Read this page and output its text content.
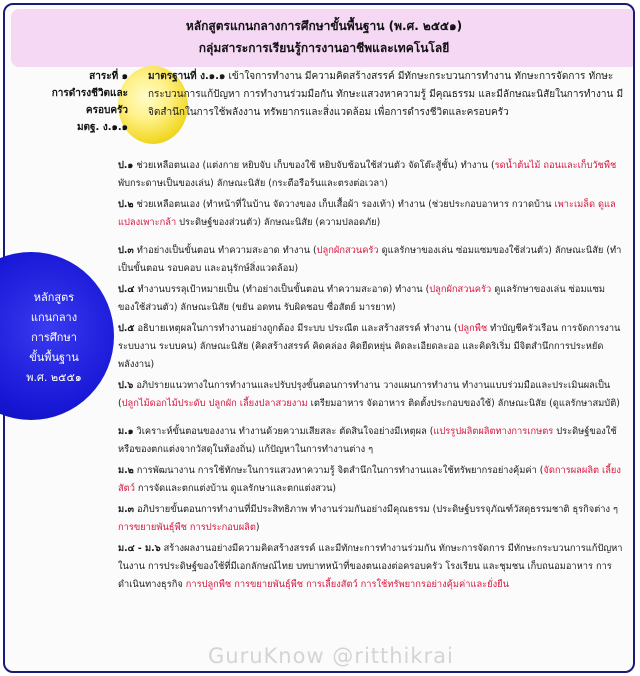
หลักสูตรแกนกลางการศึกษาขั้นพื้นฐาน (พ.ศ. ๒๕๕๑)
กลุ่มสาระการเรียนรู้การงานอาชีพและเทคโนโลยี
สาระที่ ๑
การดำรงชีวิตและ
ครอบครัว
มตฐ. ง.๑.๑
มาตรฐานที่ ง.๑.๑ เข้าใจการทำงาน มีความคิดสร้างสรรค์ มีทักษะกระบวนการทำงาน ทักษะการจัดการ ทักษะกระบวนการแก้ปัญหา การทำงานร่วมมือกัน ทักษะแสวงหาความรู้ มีคุณธรรม และมีลักษณะนิสัยในการทำงาน มีจิตสำนึกในการใช้พลังงาน ทรัพยากรและสิ่งแวดล้อม เพื่อการดำรงชีวิตและครอบครัว
หลักสูตร
แกนกลาง
การศึกษา
ขั้นพื้นฐาน
พ.ศ. ๒๕๕๑
ป.๑ ช่วยเหลือตนเอง (แต่งกาย หยิบจับ เก็บของใช้ หยิบจับช้อนใช้ส่วนตัว จัดโต๊ะสู้ชั้น) ทำงาน (รดน้ำต้นไม้ ถอนและเก็บวัชพืช พับกระดาษเป็นของเล่น) ลักษณะนิสัย (กระตือรือร้นและตรงต่อเวลา)
ป.๒ ช่วยเหลือตนเอง (ทำหน้าที่ในบ้าน จัดวางของ เก็บเสื้อผ้า รองเท้า) ทำงาน (ช่วยประกอบอาหาร กวาดบ้าน เพาะเมล็ด ดูแลแปลงเพาะกล้า ประดิษฐ์ของส่วนตัว) ลักษณะนิสัย (ความปลอดภัย)
ป.๓ ทำอย่างเป็นขั้นตอน ทำความสะอาด ทำงาน (ปลูกผักสวนครัว ดูแลรักษาของเล่น ซ่อมแซมของใช้ส่วนตัว) ลักษณะนิสัย (ทำเป็นขั้นตอน รอบคอบ และอนุรักษ์สิ่งแวดล้อม)
ป.๔ ทำงานบรรลุเป้าหมายเป็น (ทำอย่างเป็นขั้นตอน ทำความสะอาด) ทำงาน (ปลูกผักสวนครัว ดูแลรักษาของเล่น ซ่อมแซมของใช้ส่วนตัว) ลักษณะนิสัย (ขยัน อดทน รับผิดชอบ ซื่อสัตย์ มารยาท)
ป.๕ อธิบายเหตุผลในการทำงานอย่างถูกต้อง มีระบบ ประณีต และสร้างสรรค์ ทำงาน (ปลูกพืช ทำบัญชีครัวเรือน การจัดการงาน ระบบงาน ระบบคน) ลักษณะนิสัย (คิดสร้างสรรค์ คิดคล่อง คิดยืดหยุ่น คิดละเอียดละออ และคิดริเริ่ม มีจิตสำนึกการประหยัดพลังงาน)
ป.๖ อภิปรายแนวทางในการทำงานและปรับปรุงขั้นตอนการทำงาน วางแผนการทำงาน ทำงานแบบร่วมมือและประเมินผลเป็น (ปลูกไม้ดอกไม้ประดับ ปลูกผัก เลี้ยงปลาสวยงาม เตรียมอาหาร จัดอาหาร ติดตั้งประกอบของใช้) ลักษณะนิสัย (ดูแลรักษาสมบัติ)
ม.๑ วิเคราะห์ขั้นตอนของงาน ทำงานด้วยความเสียสละ ตัดสินใจอย่างมีเหตุผล (แปรรูปผลิตผลิตทางการเกษตร ประดิษฐ์ของใช้หรือของตกแต่งจากวัสดุในท้องถิ่น) แก้ปัญหาในการทำงานต่าง ๆ
ม.๒ การพัฒนางาน การใช้ทักษะในการแสวงหาความรู้ จิตสำนึกในการทำงานและใช้ทรัพยากรอย่างคุ้มค่า (จัดการผลผลิต เลี้ยงสัตว์ การจัดและตกแต่งบ้าน ดูแลรักษาและตกแต่งสวน)
ม.๓ อภิปรายขั้นตอนการทำงานที่มีประสิทธิภาพ ทำงานร่วมกันอย่างมีคุณธรรม (ประดิษฐ์บรรจุภัณฑ์วัสดุธรรมชาติ ธุรกิจต่าง ๆ การขยายพันธุ์พืช การประกอบผลิต)
ม.๔ - ม.๖ สร้างผลงานอย่างมีความคิดสร้างสรรค์ และมีทักษะการทำงานร่วมกัน ทักษะการจัดการ มีทักษะกระบวนการแก้ปัญหาในงาน การประดิษฐ์ของใช้ที่มีเอกลักษณ์ไทย บทบาทหน้าที่ของตนเองต่อครอบครัว โรงเรียน และชุมชน เก็บถนอมอาหาร การดำเนินทางธุรกิจ การปลูกพืช การขยายพันธุ์พืช การเลี้ยงสัตว์ การใช้ทรัพยากรอย่างคุ้มค่าและยั่งยืน
GuruKnow @ritthikrai
